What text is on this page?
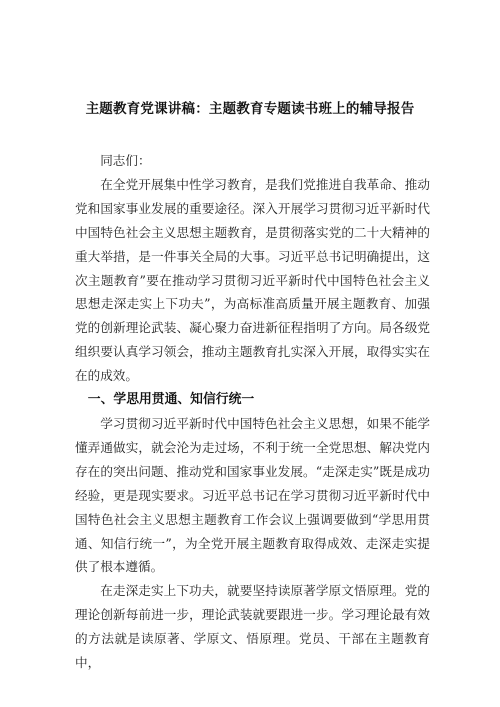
主题教育党课讲稿：主题教育专题读书班上的辅导报告

同志们：

在全党开展集中性学习教育，是我们党推进自我革命、推动党和国家事业发展的重要途径。深入开展学习贯彻习近平新时代中国特色社会主义思想主题教育，是贯彻落实党的二十大精神的重大举措，是一件事关全局的大事。习近平总书记明确提出，这次主题教育”要在推动学习贯彻习近平新时代中国特色社会主义思想走深走实上下功夫”，为高标准高质量开展主题教育、加强党的创新理论武装、凝心聚力奋进新征程指明了方向。局各级党组织要认真学习领会，推动主题教育扎实深入开展，取得实实在在的成效。

一、学思用贯通、知信行统一

学习贯彻习近平新时代中国特色社会主义思想，如果不能学懂弄通做实，就会沦为走过场，不利于统一全党思想、解决党内存在的突出问题、推动党和国家事业发展。“走深走实”既是成功经验，更是现实要求。习近平总书记在学习贯彻习近平新时代中国特色社会主义思想主题教育工作会议上强调要做到“学思用贯通、知信行统一”，为全党开展主题教育取得成效、走深走实提供了根本遵循。

在走深走实上下功夫，就要坚持读原著学原文悟原理。党的理论创新每前进一步，理论武装就要跟进一步。学习理论最有效的方法就是读原著、学原文、悟原理。党员、干部在主题教育中，
